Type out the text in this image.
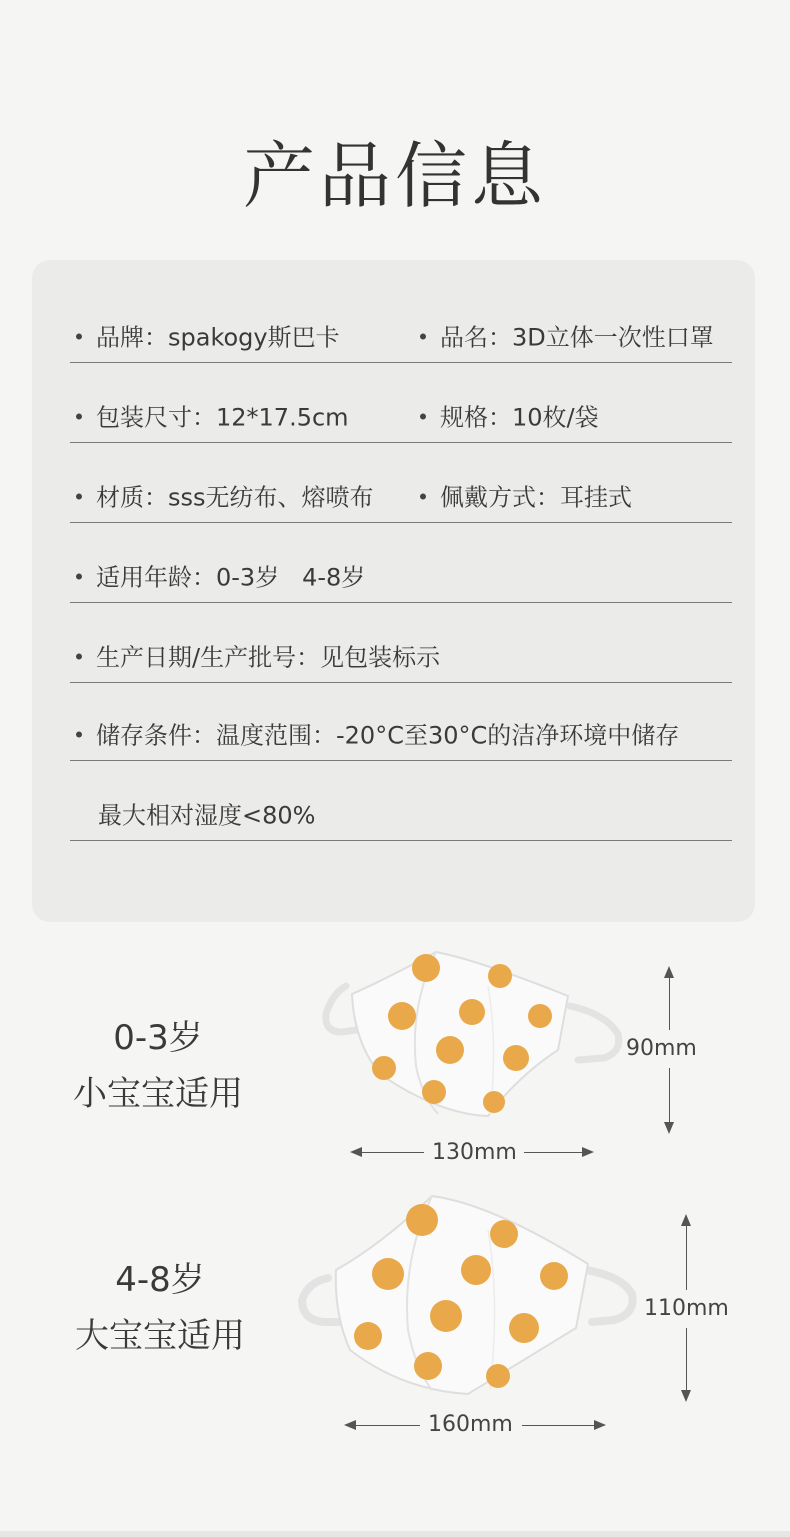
产品信息
品牌：spakogy斯巴卡	品名：3D立体一次性口罩
包装尺寸：12*17.5cm	规格：10枚/袋
材质：sss无纺布、熔喷布	佩戴方式：耳挂式
适用年龄：0-3岁   4-8岁
生产日期/生产批号：见包装标示
储存条件：温度范围：-20°C至30°C的洁净环境中储存
最大相对湿度<80%
0-3岁
小宝宝适用
90mm
130mm
4-8岁
大宝宝适用
110mm
160mm
